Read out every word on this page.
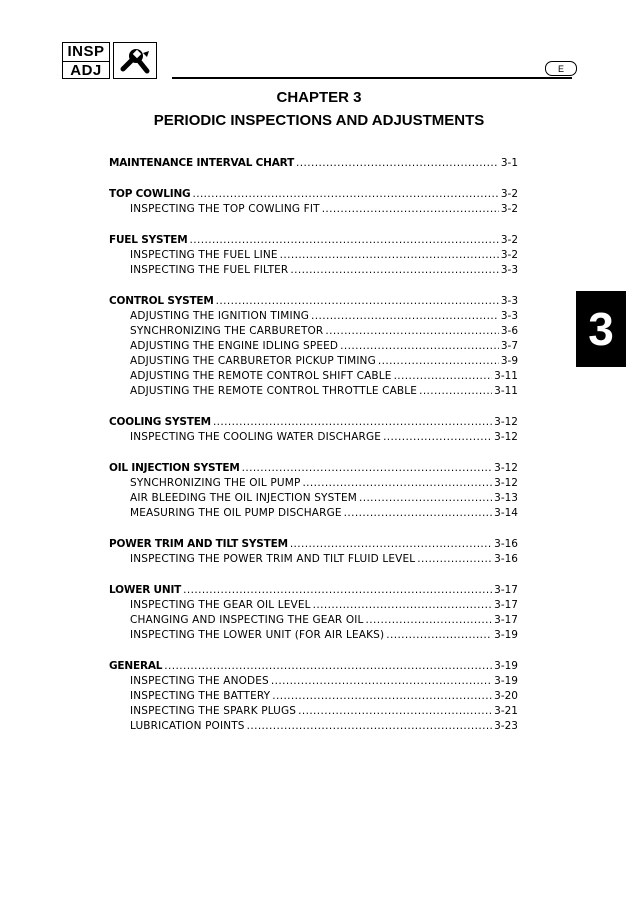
INSP
ADJ	E
CHAPTER 3
PERIODIC INSPECTIONS AND ADJUSTMENTS
3
MAINTENANCE INTERVAL CHART .....	3-1
TOP COWLING .....	3-2
INSPECTING THE TOP COWLING FIT .....	3-2
FUEL SYSTEM .....	3-2
INSPECTING THE FUEL LINE .....	3-2
INSPECTING THE FUEL FILTER .....	3-3
CONTROL SYSTEM .....	3-3
ADJUSTING THE IGNITION TIMING .....	3-3
SYNCHRONIZING THE CARBURETOR .....	3-6
ADJUSTING THE ENGINE IDLING SPEED .....	3-7
ADJUSTING THE CARBURETOR PICKUP TIMING .....	3-9
ADJUSTING THE REMOTE CONTROL SHIFT CABLE .....	3-11
ADJUSTING THE REMOTE CONTROL THROTTLE CABLE .....	3-11
COOLING SYSTEM .....	3-12
INSPECTING THE COOLING WATER DISCHARGE .....	3-12
OIL INJECTION SYSTEM .....	3-12
SYNCHRONIZING THE OIL PUMP .....	3-12
AIR BLEEDING THE OIL INJECTION SYSTEM .....	3-13
MEASURING THE OIL PUMP DISCHARGE .....	3-14
POWER TRIM AND TILT SYSTEM .....	3-16
INSPECTING THE POWER TRIM AND TILT FLUID LEVEL .....	3-16
LOWER UNIT .....	3-17
INSPECTING THE GEAR OIL LEVEL .....	3-17
CHANGING AND INSPECTING THE GEAR OIL .....	3-17
INSPECTING THE LOWER UNIT (FOR AIR LEAKS) .....	3-19
GENERAL .....	3-19
INSPECTING THE ANODES .....	3-19
INSPECTING THE BATTERY .....	3-20
INSPECTING THE SPARK PLUGS .....	3-21
LUBRICATION POINTS .....	3-23
